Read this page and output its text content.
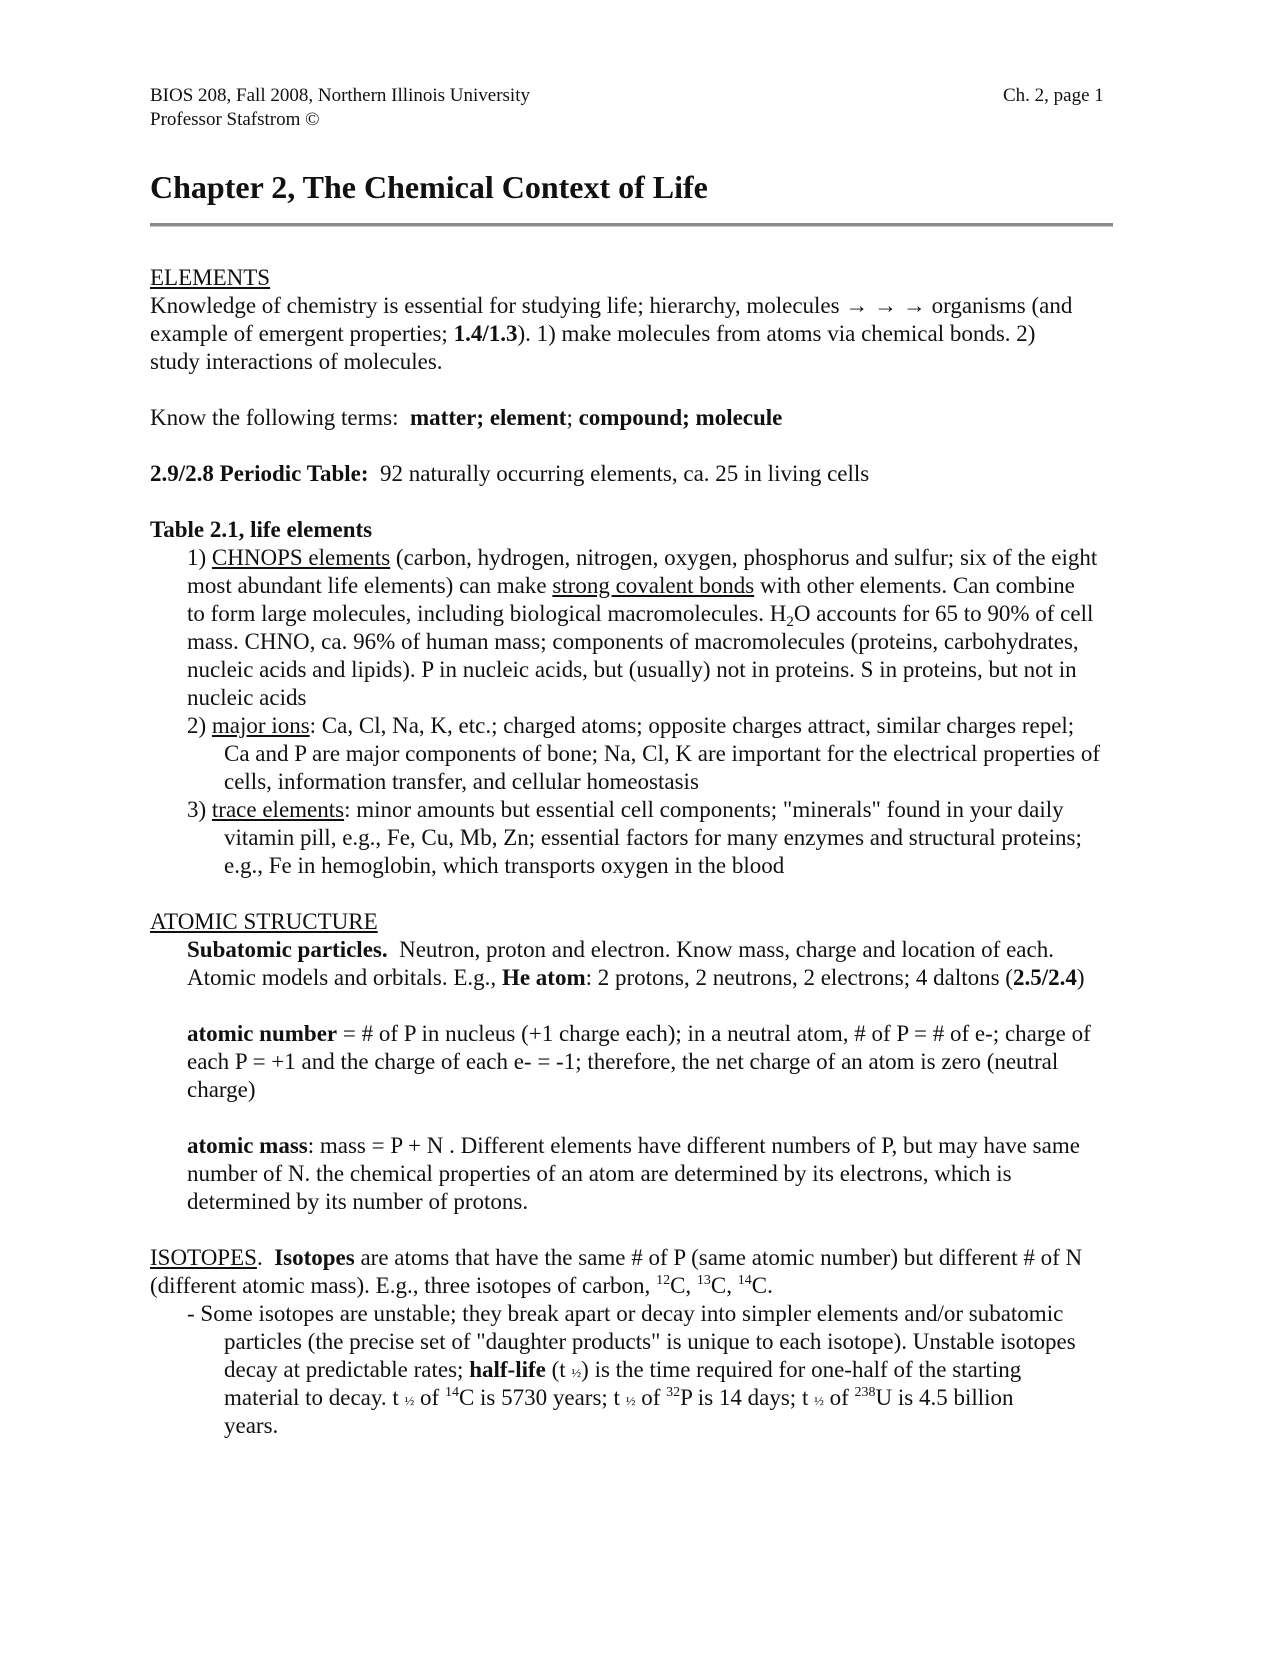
BIOS 208, Fall 2008, Northern Illinois University
Professor Stafstrom ©
Ch. 2, page 1
Chapter 2, The Chemical Context of Life
ELEMENTS
Knowledge of chemistry is essential for studying life; hierarchy, molecules → → → organisms (and
example of emergent properties; 1.4/1.3). 1) make molecules from atoms via chemical bonds. 2)
study interactions of molecules.
Know the following terms: matter; element; compound; molecule
2.9/2.8 Periodic Table: 92 naturally occurring elements, ca. 25 in living cells
Table 2.1, life elements
1) CHNOPS elements (carbon, hydrogen, nitrogen, oxygen, phosphorus and sulfur; six of the eight
most abundant life elements) can make strong covalent bonds with other elements. Can combine
to form large molecules, including biological macromolecules. $H_2O$ accounts for 65 to 90% of cell
mass. CHNO, ca. 96% of human mass; components of macromolecules (proteins, carbohydrates,
nucleic acids and lipids). P in nucleic acids, but (usually) not in proteins. S in proteins, but not in
nucleic acids
2) major ions: Ca, Cl, Na, K, etc.; charged atoms; opposite charges attract, similar charges repel;
Ca and P are major components of bone; Na, Cl, K are important for the electrical properties of
cells, information transfer, and cellular homeostasis
3) trace elements: minor amounts but essential cell components; "minerals" found in your daily
vitamin pill, e.g., Fe, Cu, Mb, Zn; essential factors for many enzymes and structural proteins;
e.g., Fe in hemoglobin, which transports oxygen in the blood
ATOMIC STRUCTURE
Subatomic particles. Neutron, proton and electron. Know mass, charge and location of each.
Atomic models and orbitals. E.g., He atom: 2 protons, 2 neutrons, 2 electrons; 4 daltons (2.5/2.4)
atomic number = # of P in nucleus (+1 charge each); in a neutral atom, # of P = # of e-; charge of
each P = +1 and the charge of each e- = -1; therefore, the net charge of an atom is zero (neutral
charge)
atomic mass: mass = P + N . Different elements have different numbers of P, but may have same
number of N. the chemical properties of an atom are determined by its electrons, which is
determined by its number of protons.
ISOTOPES. Isotopes are atoms that have the same # of P (same atomic number) but different # of N
(different atomic mass). E.g., three isotopes of carbon, $^{12}$C, $^{13}$C, $^{14}$C.
- Some isotopes are unstable; they break apart or decay into simpler elements and/or subatomic
particles (the precise set of "daughter products" is unique to each isotope). Unstable isotopes
decay at predictable rates; half-life (t ½) is the time required for one-half of the starting
material to decay. t ½ of $^{14}$C is 5730 years; t ½ of $^{32}$P is 14 days; t ½ of $^{238}$U is 4.5 billion
years.
